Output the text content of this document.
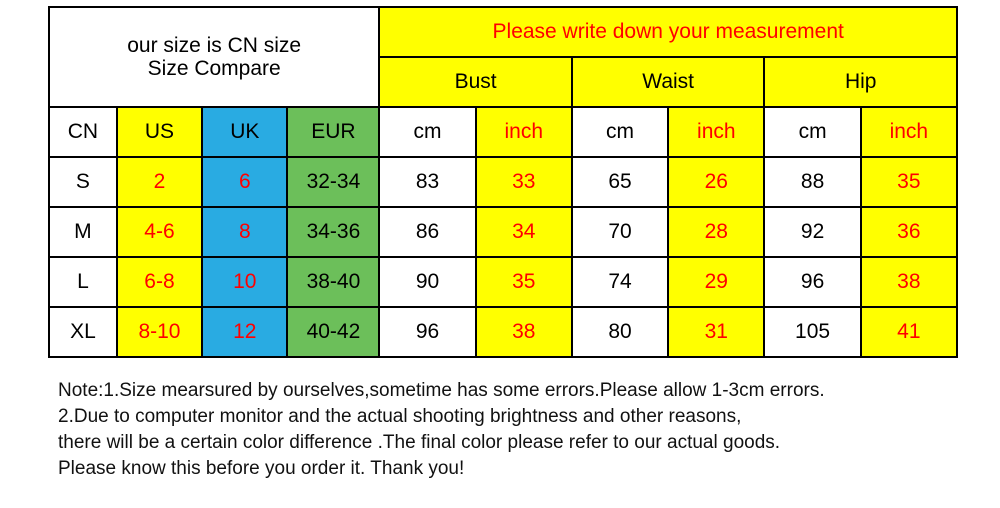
our size is CN size
Size Compare				Please write down your measurement					
				Bust		Waist		Hip	
CN	US	UK	EUR	cm	inch	cm	inch	cm	inch
S	2	6	32-34	83	33	65	26	88	35
M	4-6	8	34-36	86	34	70	28	92	36
L	6-8	10	38-40	90	35	74	29	96	38
XL	8-10	12	40-42	96	38	80	31	105	41
Note:1.Size mearsured by ourselves,sometime has some errors.Please allow 1-3cm errors.
2.Due to computer monitor and the actual shooting brightness and other reasons,
there will be a certain color difference .The final color please refer to our actual goods.
Please know this before you order it. Thank you!
